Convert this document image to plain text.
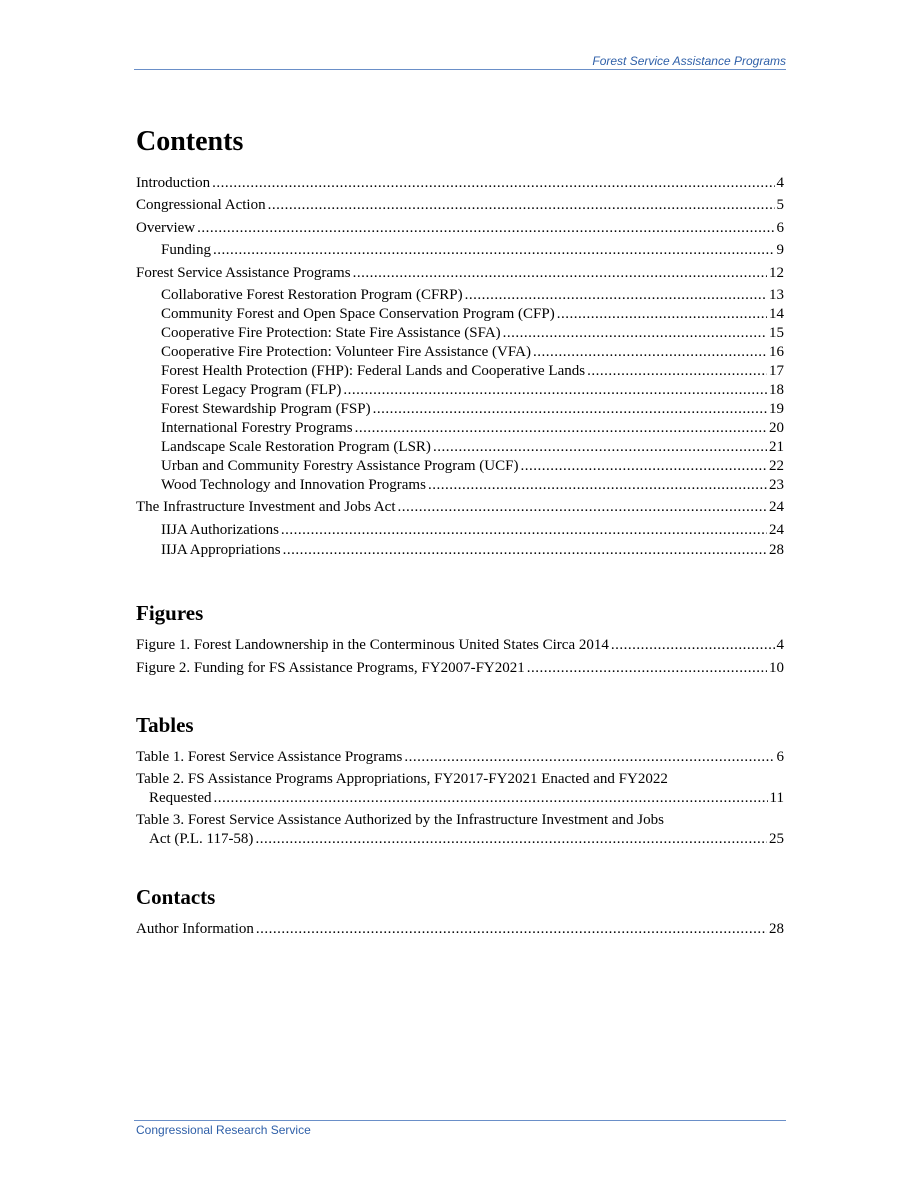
Forest Service Assistance Programs
Contents
Introduction .....	4
Congressional Action .....	5
Overview .....	6
Funding .....	9
Forest Service Assistance Programs .....	12
Collaborative Forest Restoration Program (CFRP) .....	13
Community Forest and Open Space Conservation Program (CFP) .....	14
Cooperative Fire Protection: State Fire Assistance (SFA) .....	15
Cooperative Fire Protection: Volunteer Fire Assistance (VFA) .....	16
Forest Health Protection (FHP): Federal Lands and Cooperative Lands .....	17
Forest Legacy Program (FLP) .....	18
Forest Stewardship Program (FSP) .....	19
International Forestry Programs .....	20
Landscape Scale Restoration Program (LSR) .....	21
Urban and Community Forestry Assistance Program (UCF) .....	22
Wood Technology and Innovation Programs .....	23
The Infrastructure Investment and Jobs Act .....	24
IIJA Authorizations .....	24
IIJA Appropriations .....	28
Figures
Figure 1. Forest Landownership in the Conterminous United States Circa 2014 .....	4
Figure 2. Funding for FS Assistance Programs, FY2007-FY2021 .....	10
Tables
Table 1. Forest Service Assistance Programs .....	6
Table 2. FS Assistance Programs Appropriations, FY2017-FY2021 Enacted and FY2022
Requested .....	11
Table 3. Forest Service Assistance Authorized by the Infrastructure Investment and Jobs
Act (P.L. 117-58) .....	25
Contacts
Author Information .....	28
Congressional Research Service
